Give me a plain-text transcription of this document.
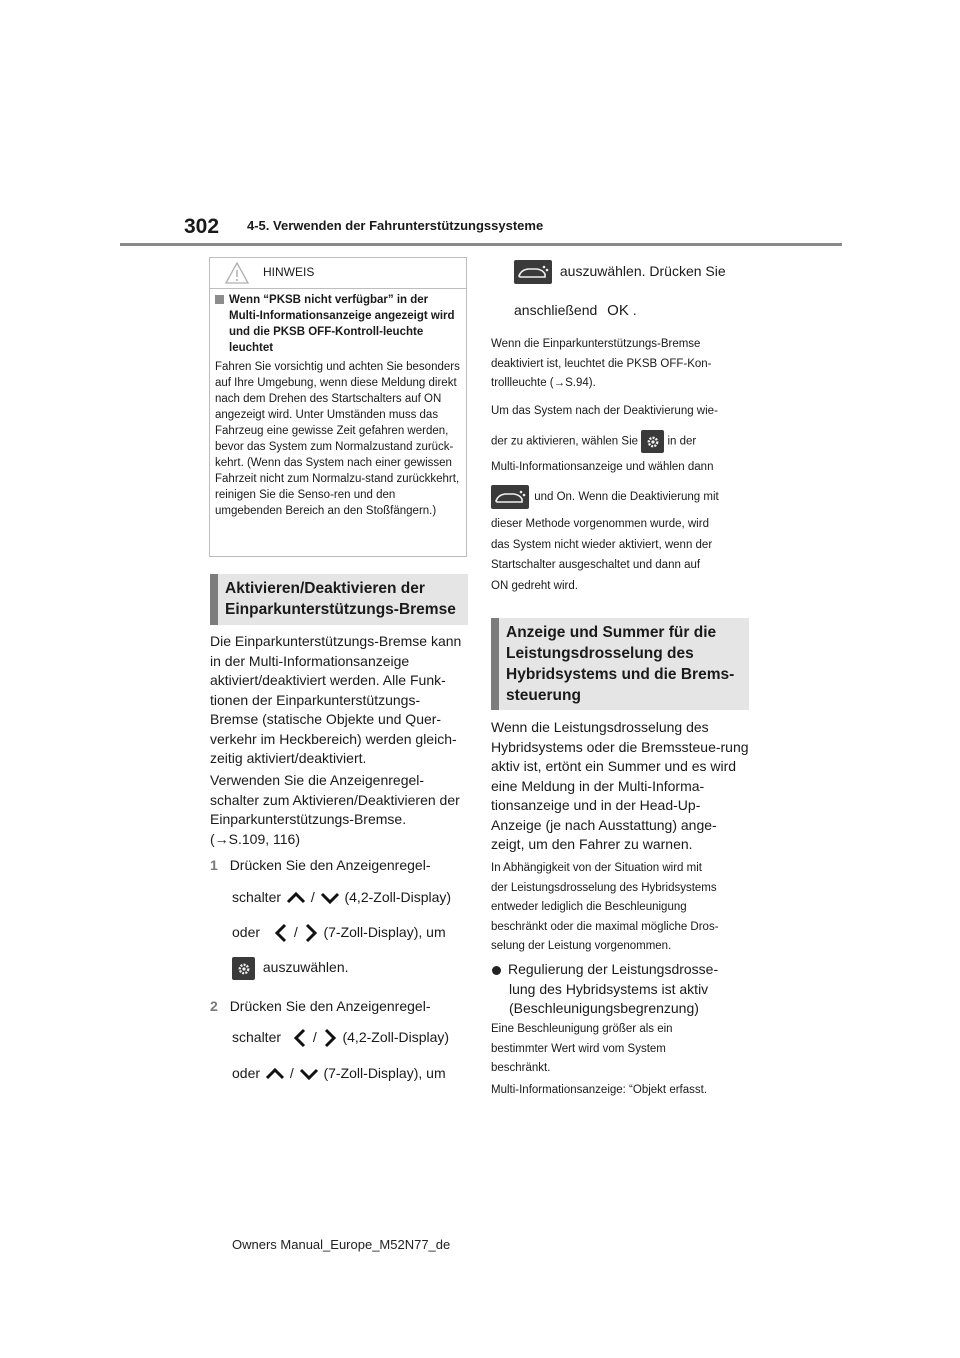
302 4-5. Verwenden der Fahrunterstützungssysteme
HINWEIS
Wenn “PKSB nicht verfügbar” in der Multi-Informationsanzeige angezeigt wird und die PKSB OFF-Kontroll-leuchte leuchtet
Fahren Sie vorsichtig und achten Sie besonders auf Ihre Umgebung, wenn diese Meldung direkt nach dem Drehen des Startschalters auf ON angezeigt wird. Unter Umständen muss das Fahrzeug eine gewisse Zeit gefahren werden, bevor das System zum Normalzustand zurück-kehrt. (Wenn das System nach einer gewissen Fahrzeit nicht zum Normalzu-stand zurückkehrt, reinigen Sie die Senso-ren und den umgebenden Bereich an den Stoßfängern.)
Aktivieren/Deaktivieren der Einparkunterstützungs-Bremse
Die Einparkunterstützungs-Bremse kann in der Multi-Informationsanzeige aktiviert/deaktiviert werden. Alle Funk-tionen der Einparkunterstützungs-Bremse (statische Objekte und Quer-verkehr im Heckbereich) werden gleich-zeitig aktiviert/deaktiviert.
Verwenden Sie die Anzeigenregel-schalter zum Aktivieren/Deaktivieren der Einparkunterstützungs-Bremse.
(→S.109, 116)
1 Drücken Sie den Anzeigenregel-
schalter / (4,2-Zoll-Display)
oder / (7-Zoll-Display), um
auszuwählen.
2 Drücken Sie den Anzeigenregel-
schalter / (4,2-Zoll-Display)
oder / (7-Zoll-Display), um
auszuwählen. Drücken Sie
anschließend OK .
Wenn die Einparkunterstützungs-Bremse
deaktiviert ist, leuchtet die PKSB OFF-Kon-
trollleuchte (→S.94).
Um das System nach der Deaktivierung wie-
der zu aktivieren, wählen Sie	in der
Multi-Informationsanzeige und wählen dann
und On. Wenn die Deaktivierung mit
dieser Methode vorgenommen wurde, wird
das System nicht wieder aktiviert, wenn der
Startschalter ausgeschaltet und dann auf
ON gedreht wird.
Anzeige und Summer für die Leistungsdrosselung des Hybridsystems und die Brems-steuerung
Wenn die Leistungsdrosselung des Hybridsystems oder die Bremssteue-rung aktiv ist, ertönt ein Summer und es wird eine Meldung in der Multi-Informa-tionsanzeige und in der Head-Up-Anzeige (je nach Ausstattung) ange-zeigt, um den Fahrer zu warnen.
In Abhängigkeit von der Situation wird mit
der Leistungsdrosselung des Hybridsystems
entweder lediglich die Beschleunigung
beschränkt oder die maximal mögliche Dros-
selung der Leistung vorgenommen.
Regulierung der Leistungsdrosse-
lung des Hybridsystems ist aktiv
(Beschleunigungsbegrenzung)
Eine Beschleunigung größer als ein
bestimmter Wert wird vom System
beschränkt.
Multi-Informationsanzeige: “Objekt erfasst.
Owners Manual_Europe_M52N77_de
